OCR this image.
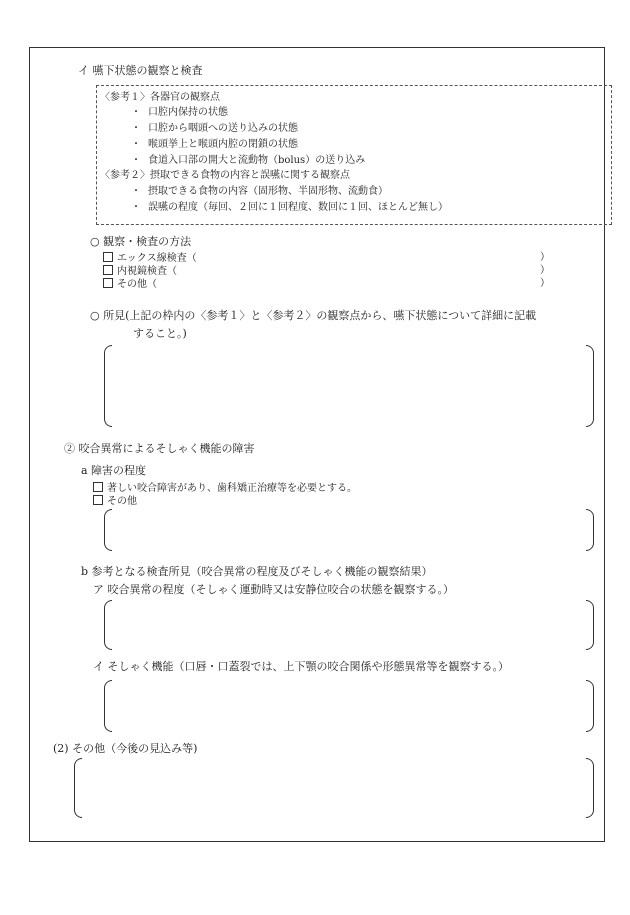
イ 嚥下状態の観察と検査
〈参考１〉各器官の観察点
・ 口腔内保持の状態
・ 口腔から咽頭への送り込みの状態
・ 喉頭挙上と喉頭内腔の閉鎖の状態
・ 食道入口部の開大と流動物（bolus）の送り込み
〈参考２〉摂取できる食物の内容と誤嚥に関する観察点
・ 摂取できる食物の内容（固形物、半固形物、流動食）
・ 誤嚥の程度（毎回、２回に１回程度、数回に１回、ほとんど無し）
○ 観察・検査の方法
エックス線検査（	）
内視鏡検査（	）
その他（	）
○ 所見(上記の枠内の〈参考１〉と〈参考２〉の観察点から、嚥下状態について詳細に記載
すること。)
② 咬合異常によるそしゃく機能の障害
a 障害の程度
著しい咬合障害があり、歯科矯正治療等を必要とする。
その他
b 参考となる検査所見（咬合異常の程度及びそしゃく機能の観察結果）
ア 咬合異常の程度（そしゃく運動時又は安静位咬合の状態を観察する。）
イ そしゃく機能（口唇・口蓋裂では、上下顎の咬合関係や形態異常等を観察する。）
(2) その他（今後の見込み等)
